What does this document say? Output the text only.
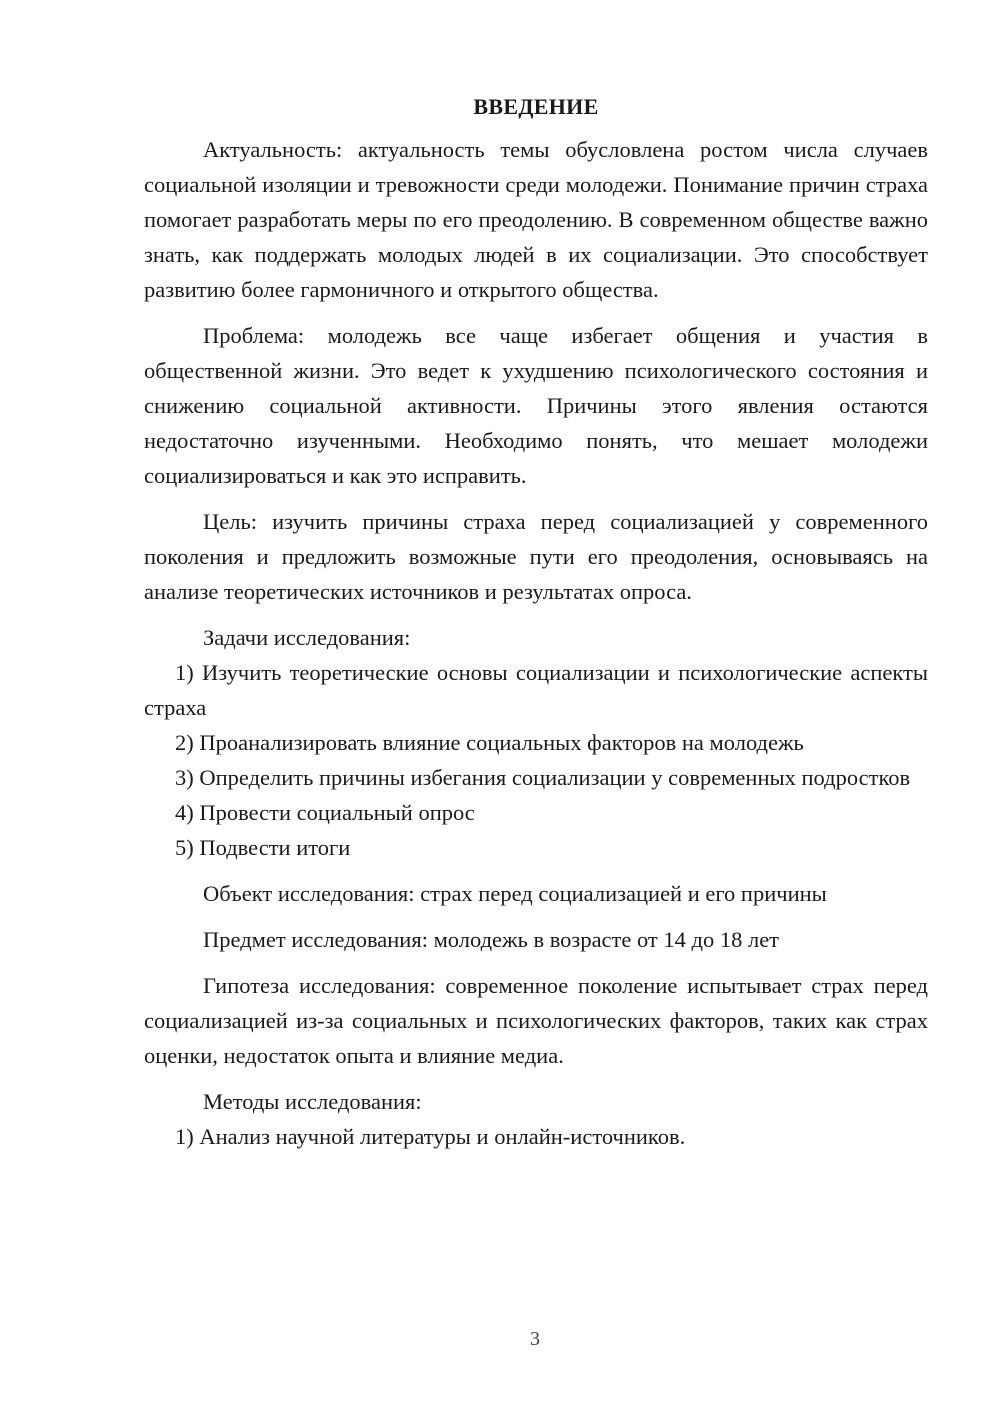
ВВЕДЕНИЕ

Актуальность: актуальность темы обусловлена ростом числа случаев социальной изоляции и тревожности среди молодежи. Понимание причин страха помогает разработать меры по его преодолению. В современном обществе важно знать, как поддержать молодых людей в их социализации. Это способствует развитию более гармоничного и открытого общества.

Проблема: молодежь все чаще избегает общения и участия в общественной жизни. Это ведет к ухудшению психологического состояния и снижению социальной активности. Причины этого явления остаются недостаточно изученными. Необходимо понять, что мешает молодежи социализироваться и как это исправить.

Цель: изучить причины страха перед социализацией у современного поколения и предложить возможные пути его преодоления, основываясь на анализе теоретических источников и результатах опроса.

Задачи исследования:

1) Изучить теоретические основы социализации и психологические аспекты страха

2) Проанализировать влияние социальных факторов на молодежь

3) Определить причины избегания социализации у современных подростков

4) Провести социальный опрос

5) Подвести итоги

Объект исследования: страх перед социализацией и его причины

Предмет исследования: молодежь в возрасте от 14 до 18 лет

Гипотеза исследования: современное поколение испытывает страх перед социализацией из-за социальных и психологических факторов, таких как страх оценки, недостаток опыта и влияние медиа.

Методы исследования:

1) Анализ научной литературы и онлайн-источников.

3
